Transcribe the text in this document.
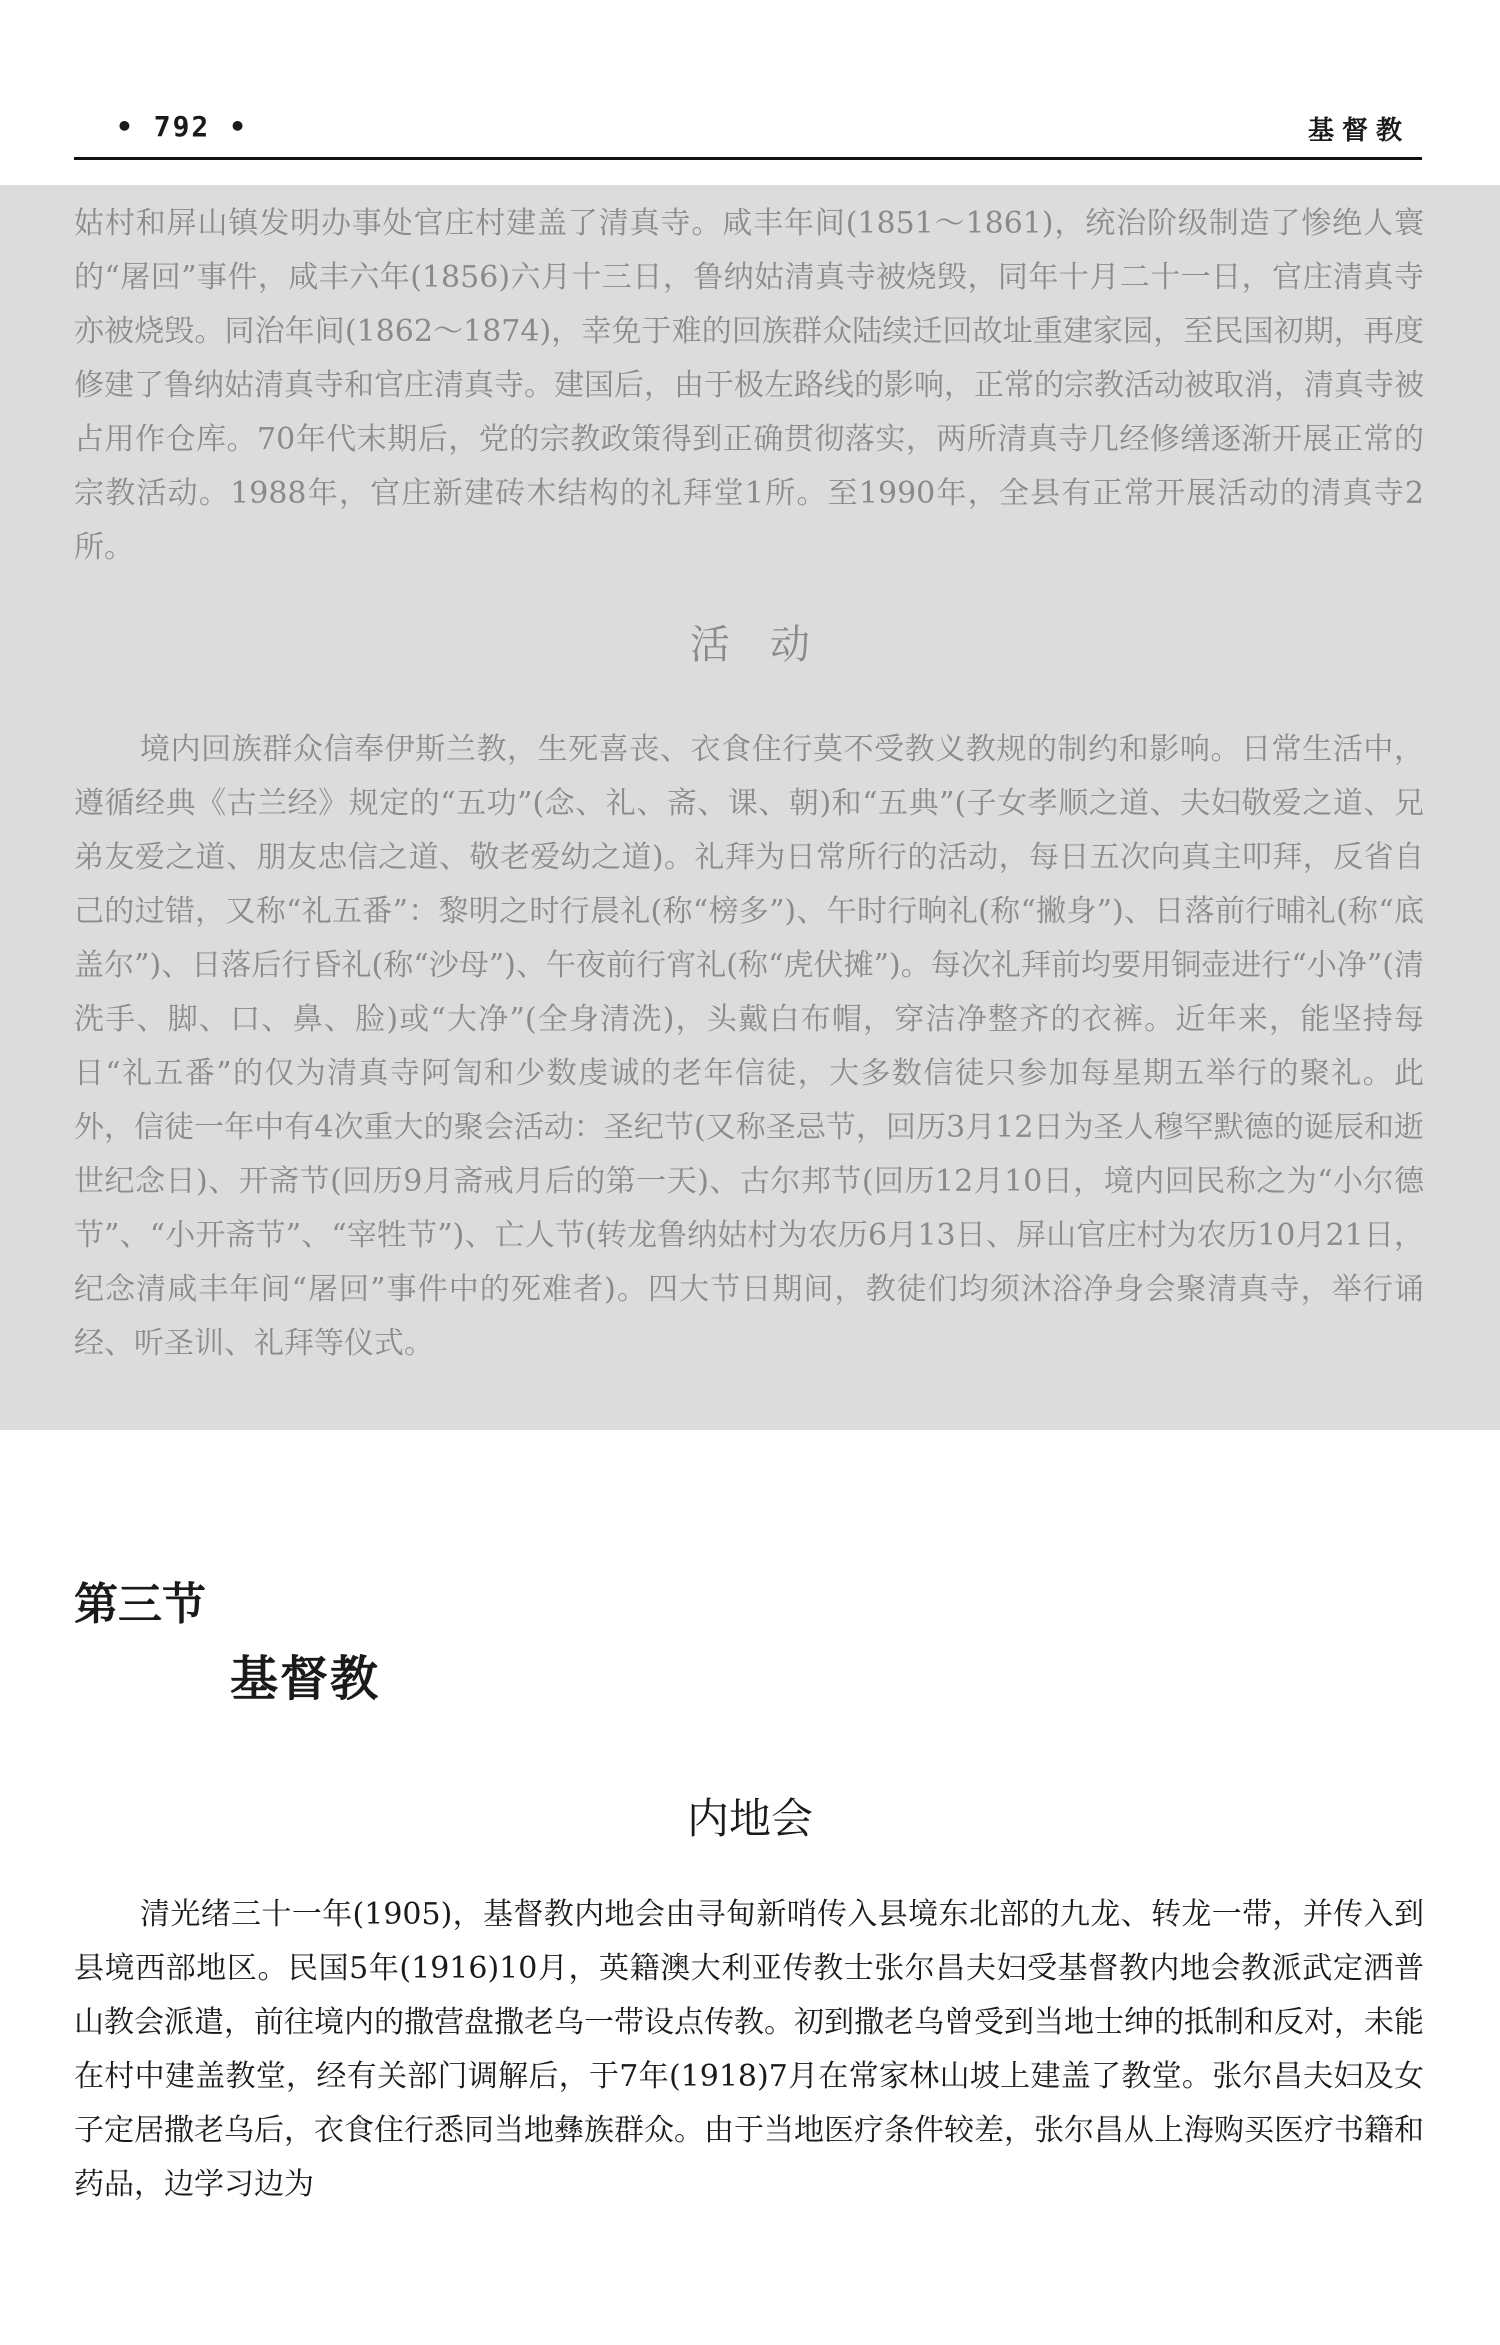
• 792 •	基督教

姑村和屏山镇发明办事处官庄村建盖了清真寺。咸丰年间(1851～1861)，统治阶级制造了惨绝人寰的“屠回”事件，咸丰六年(1856)六月十三日，鲁纳姑清真寺被烧毁，同年十月二十一日，官庄清真寺亦被烧毁。同治年间(1862～1874)，幸免于难的回族群众陆续迁回故址重建家园，至民国初期，再度修建了鲁纳姑清真寺和官庄清真寺。建国后，由于极左路线的影响，正常的宗教活动被取消，清真寺被占用作仓库。70年代末期后，党的宗教政策得到正确贯彻落实，两所清真寺几经修缮逐渐开展正常的宗教活动。1988年，官庄新建砖木结构的礼拜堂1所。至1990年，全县有正常开展活动的清真寺2所。

活动

境内回族群众信奉伊斯兰教，生死喜丧、衣食住行莫不受教义教规的制约和影响。日常生活中，遵循经典《古兰经》规定的“五功”(念、礼、斋、课、朝)和“五典”(子女孝顺之道、夫妇敬爱之道、兄弟友爱之道、朋友忠信之道、敬老爱幼之道)。礼拜为日常所行的活动，每日五次向真主叩拜，反省自己的过错，又称“礼五番”：黎明之时行晨礼(称“榜多”)、午时行晌礼(称“撇身”)、日落前行晡礼(称“底盖尔”)、日落后行昏礼(称“沙母”)、午夜前行宵礼(称“虎伏摊”)。每次礼拜前均要用铜壶进行“小净”(清洗手、脚、口、鼻、脸)或“大净”(全身清洗)，头戴白布帽，穿洁净整齐的衣裤。近年来，能坚持每日“礼五番”的仅为清真寺阿訇和少数虔诚的老年信徒，大多数信徒只参加每星期五举行的聚礼。此外，信徒一年中有4次重大的聚会活动：圣纪节(又称圣忌节，回历3月12日为圣人穆罕默德的诞辰和逝世纪念日)、开斋节(回历9月斋戒月后的第一天)、古尔邦节(回历12月10日，境内回民称之为“小尔德节”、“小开斋节”、“宰牲节”)、亡人节(转龙鲁纳姑村为农历6月13日、屏山官庄村为农历10月21日，纪念清咸丰年间“屠回”事件中的死难者)。四大节日期间，教徒们均须沐浴净身会聚清真寺，举行诵经、听圣训、礼拜等仪式。

第三节
基督教
内地会

清光绪三十一年(1905)，基督教内地会由寻甸新哨传入县境东北部的九龙、转龙一带，并传入到县境西部地区。民国5年(1916)10月，英籍澳大利亚传教士张尔昌夫妇受基督教内地会教派武定洒普山教会派遣，前往境内的撒营盘撒老乌一带设点传教。初到撒老乌曾受到当地士绅的抵制和反对，未能在村中建盖教堂，经有关部门调解后，于7年(1918)7月在常家林山坡上建盖了教堂。张尔昌夫妇及女子定居撒老乌后，衣食住行悉同当地彝族群众。由于当地医疗条件较差，张尔昌从上海购买医疗书籍和药品，边学习边为
